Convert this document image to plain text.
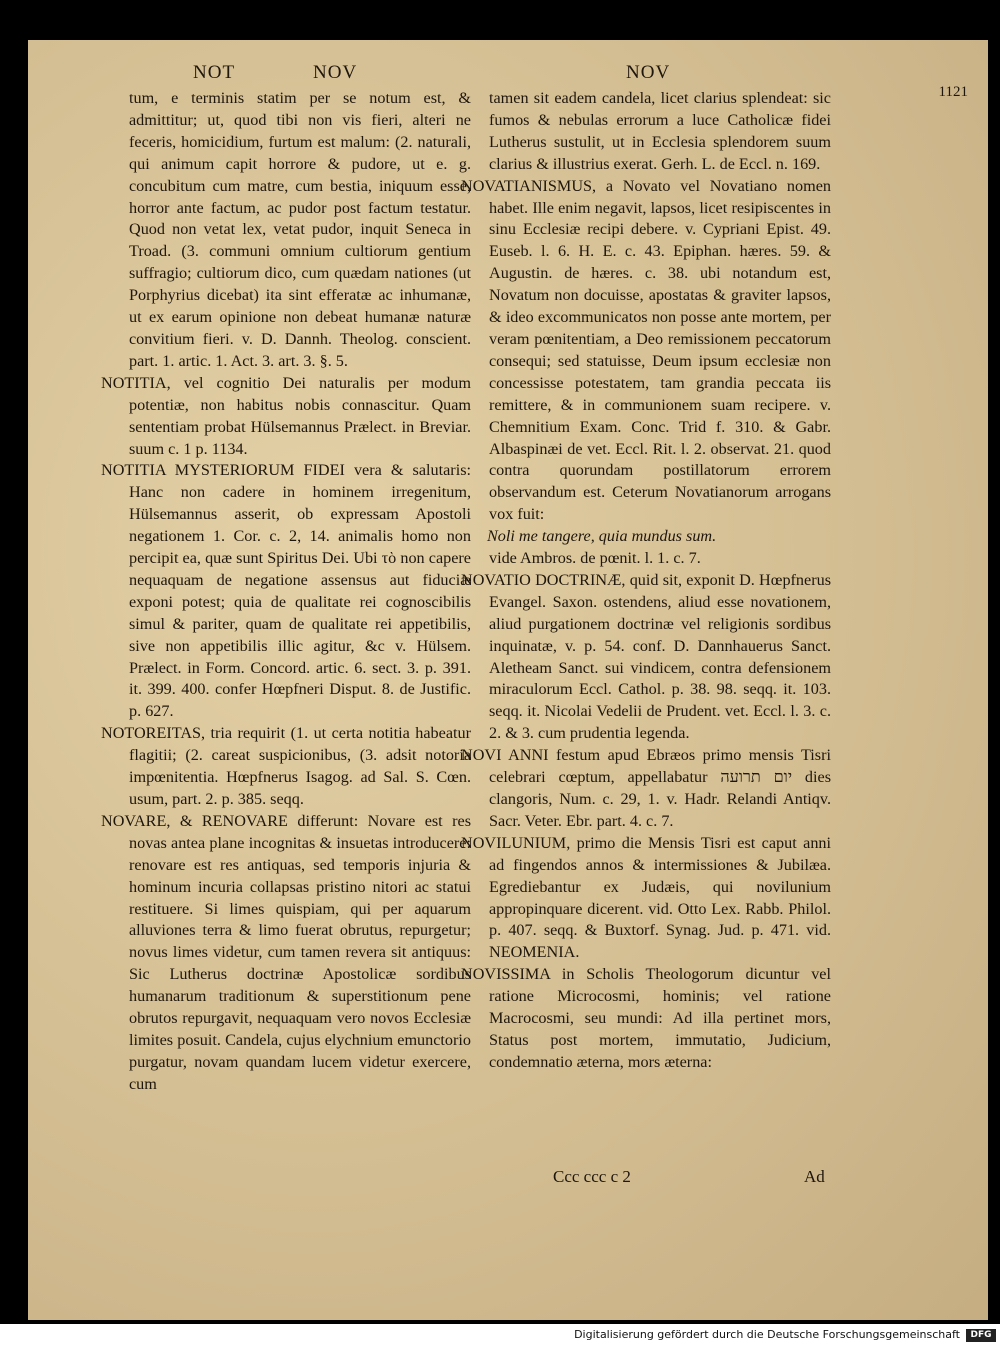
NOT	NOV	NOV
1121

tum, e terminis statim per se notum est, & admittitur; ut, quod tibi non vis fieri, alteri ne feceris, homicidium, furtum est malum: (2. naturali, qui animum capit horrore & pudore, ut e. g. concubitum cum matre, cum bestia, iniquum esse, horror ante factum, ac pudor post factum testatur. Quod non vetat lex, vetat pudor, inquit Seneca in Troad. (3. communi omnium cultiorum gentium suffragio; cultiorum dico, cum quædam nationes (ut Porphyrius dicebat) ita sint efferatæ ac inhumanæ, ut ex earum opinione non debeat humanæ naturæ convitium fieri. v. D. Dannh. Theolog. conscient. part. 1. artic. 1. Act. 3. art. 3. §. 5.

NOTITIA, vel cognitio Dei naturalis per modum potentiæ, non habitus nobis connascitur. Quam sententiam probat Hülsemannus Prælect. in Breviar. suum c. 1 p. 1134.

NOTITIA MYSTERIORUM FIDEI vera & salutaris: Hanc non cadere in hominem irregenitum, Hülsemannus asserit, ob expressam Apostoli negationem 1. Cor. c. 2, 14. animalis homo non percipit ea, quæ sunt Spiritus Dei. Ubi τὸ non capere nequaquam de negatione assensus aut fiduciæ exponi potest; quia de qualitate rei cognoscibilis simul & pariter, quam de qualitate rei appetibilis, sive non appetibilis illic agitur, &c v. Hülsem. Prælect. in Form. Concord. artic. 6. sect. 3. p. 391. it. 399. 400. confer Hœpfneri Disput. 8. de Justific. p. 627.

NOTOREITAS, tria requirit (1. ut certa notitia habeatur flagitii; (2. careat suspicionibus, (3. adsit notoria impœnitentia. Hœpfnerus Isagog. ad Sal. S. Cœn. usum, part. 2. p. 385. seqq.

NOVARE, & RENOVARE differunt: Novare est res novas antea plane incognitas & insuetas introducere: renovare est res antiquas, sed temporis injuria & hominum incuria collapsas pristino nitori ac statui restituere. Si limes quispiam, qui per aquarum alluviones terra & limo fuerat obrutus, repurgetur; novus limes videtur, cum tamen revera sit antiquus: Sic Lutherus doctrinæ Apostolicæ sordibus humanarum traditionum & superstitionum pene obrutos repurgavit, nequaquam vero novos Ecclesiæ limites posuit. Candela, cujus elychnium emunctorio purgatur, novam quandam lucem videtur exercere, cum

tamen sit eadem candela, licet clarius splendeat: sic fumos & nebulas errorum a luce Catholicæ fidei Lutherus sustulit, ut in Ecclesia splendorem suum clarius & illustrius exerat. Gerh. L. de Eccl. n. 169.

NOVATIANISMUS, a Novato vel Novatiano nomen habet. Ille enim negavit, lapsos, licet resipiscentes in sinu Ecclesiæ recipi debere. v. Cypriani Epist. 49. Euseb. l. 6. H. E. c. 43. Epiphan. hæres. 59. & Augustin. de hæres. c. 38. ubi notandum est, Novatum non docuisse, apostatas & graviter lapsos, & ideo excommunicatos non posse ante mortem, per veram pœnitentiam, a Deo remissionem peccatorum consequi; sed statuisse, Deum ipsum ecclesiæ non concessisse potestatem, tam grandia peccata iis remittere, & in communionem suam recipere. v. Chemnitium Exam. Conc. Trid f. 310. & Gabr. Albaspinæi de vet. Eccl. Rit. l. 2. observat. 21. quod contra quorundam postillatorum errorem observandum est. Ceterum Novatianorum arrogans vox fuit:

Noli me tangere, quia mundus sum.

vide Ambros. de pœnit. l. 1. c. 7.

NOVATIO DOCTRINÆ, quid sit, exponit D. Hœpfnerus Evangel. Saxon. ostendens, aliud esse novationem, aliud purgationem doctrinæ vel religionis sordibus inquinatæ, v. p. 54. conf. D. Dannhauerus Sanct. Aletheam Sanct. sui vindicem, contra defensionem miraculorum Eccl. Cathol. p. 38. 98. seqq. it. 103. seqq. it. Nicolai Vedelii de Prudent. vet. Eccl. l. 3. c. 2. & 3. cum prudentia legenda.

NOVI ANNI festum apud Ebræos primo mensis Tisri celebrari cœptum, appellabatur יום תרועה dies clangoris, Num. c. 29, 1. v. Hadr. Relandi Antiqv. Sacr. Veter. Ebr. part. 4. c. 7.

NOVILUNIUM, primo die Mensis Tisri est caput anni ad fingendos annos & intermissiones & Jubilæa. Egrediebantur ex Judæis, qui novilunium appropinquare dicerent. vid. Otto Lex. Rabb. Philol. p. 407. seqq. & Buxtorf. Synag. Jud. p. 471. vid. NEOMENIA.

NOVISSIMA in Scholis Theologorum dicuntur vel ratione Microcosmi, hominis; vel ratione Macrocosmi, seu mundi: Ad illa pertinet mors, Status post mortem, immutatio, Judicium, condemnatio æterna, mors æterna:

Ccc ccc c 2	Ad
Digitalisierung gefördert durch die Deutsche Forschungsgemeinschaft	DFG
